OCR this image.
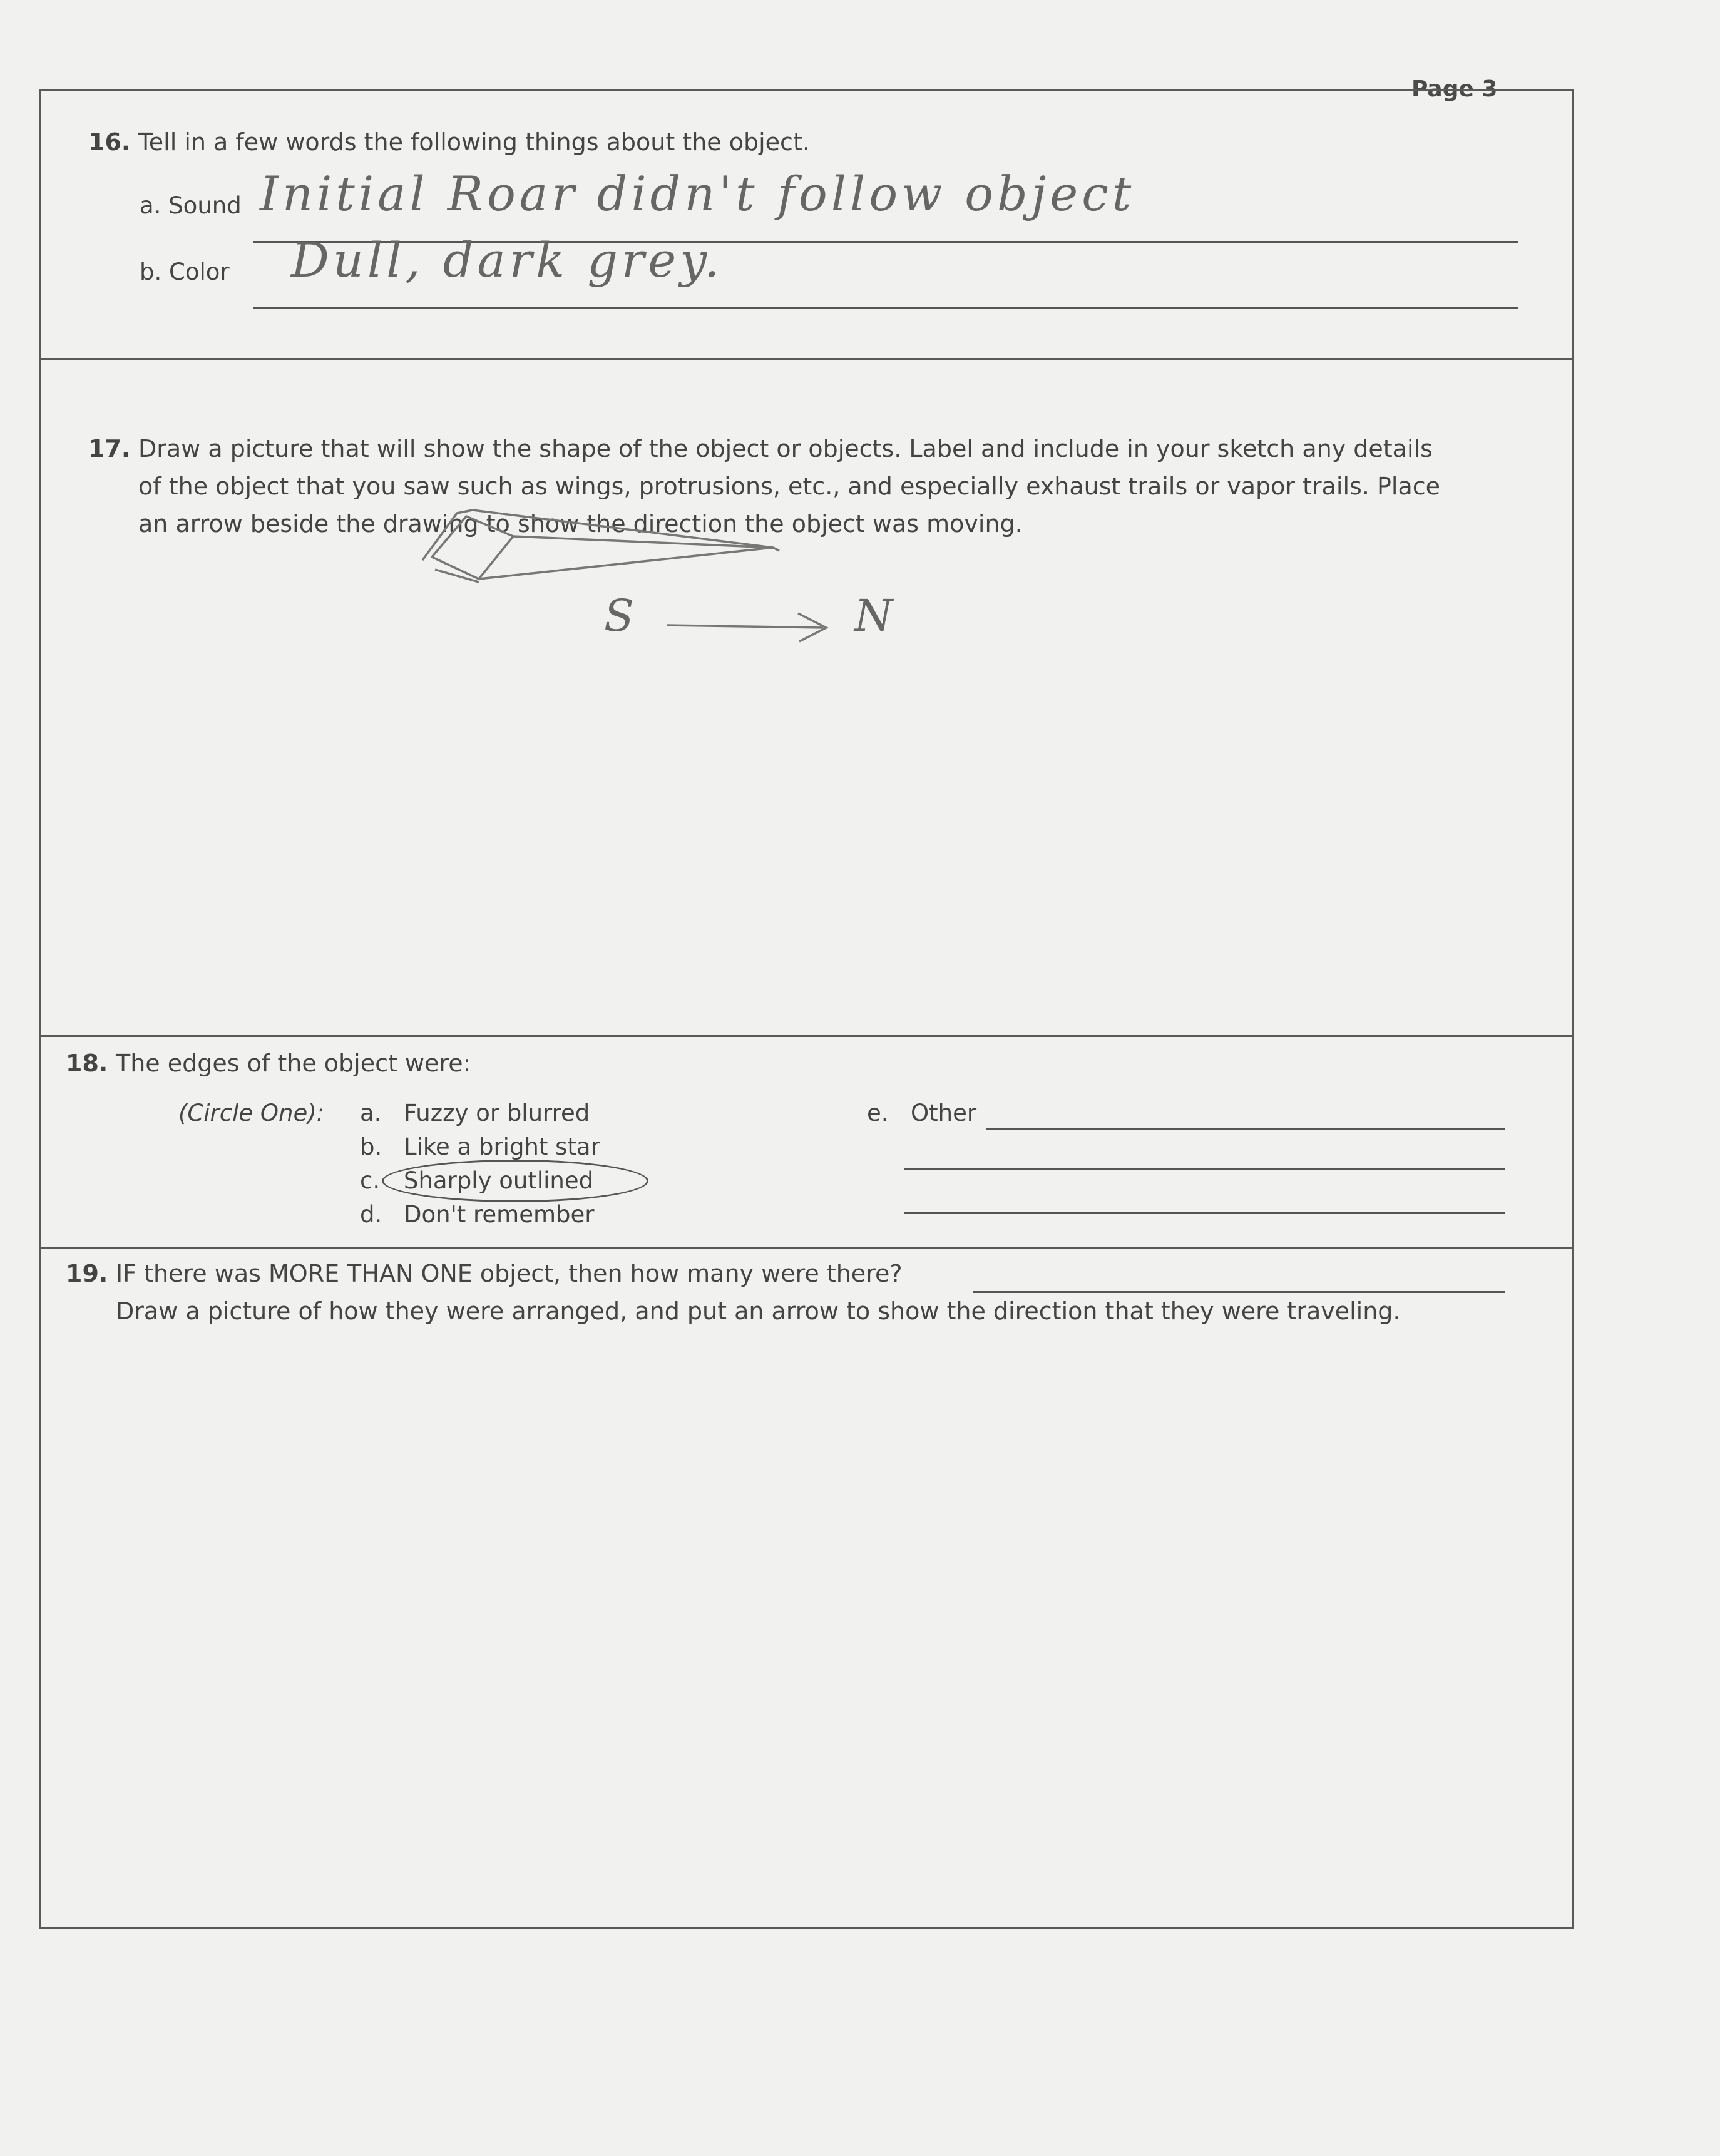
Page 3
16. Tell in a few words the following things about the object.
a. Sound Initial Roar didn't follow object
b. Color Dull, dark grey.
17. Draw a picture that will show the shape of the object or objects. Label and include in your sketch any details
of the object that you saw such as wings, protrusions, etc., and especially exhaust trails or vapor trails. Place
an arrow beside the drawing to show the direction the object was moving.
S	N
18. The edges of the object were:
(Circle One): a. Fuzzy or blurred
b. Like a bright star
c. Sharply outlined
d. Don't remember
e. Other
19. IF there was MORE THAN ONE object, then how many were there?
Draw a picture of how they were arranged, and put an arrow to show the direction that they were traveling.
